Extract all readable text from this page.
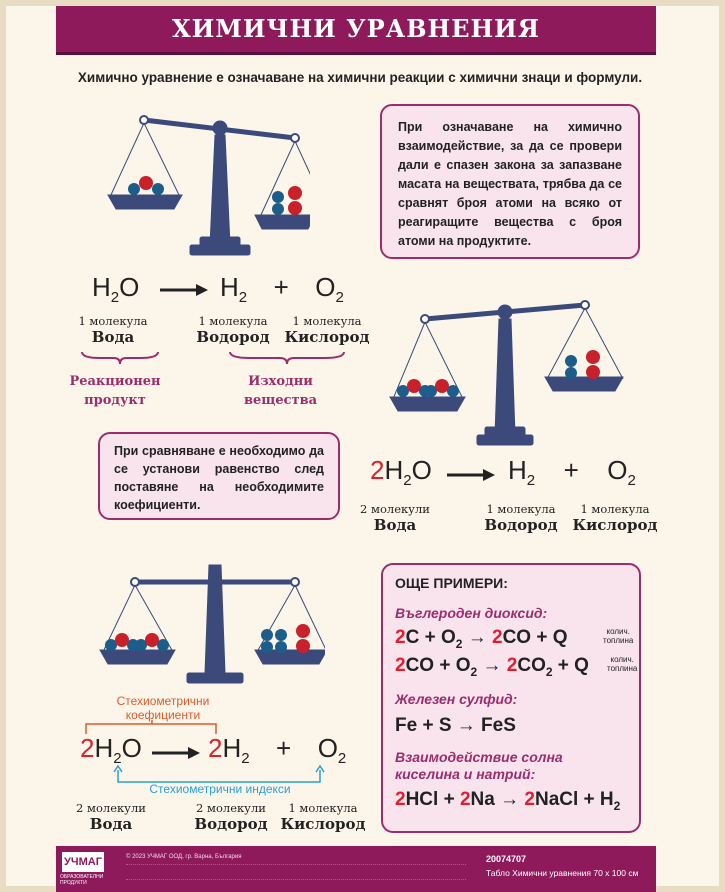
ХИМИЧНИ УРАВНЕНИЯ
Химично уравнение е означаване на химични реакции с химични знаци и формули.

При означаване на химично взаимодействие, за да се провери дали е спазен закона за запазване масата на веществата, трябва да се сравнят броя атоми на всяко от реагиращите вещества с броя атоми на продуктите.

$H_2O$	$H_2 + O_2$
1 молекула
Вода
1 молекула
Водород
1 молекула
Кислород
Реакционен продукт
Изходни вещества

При сравняване е необходимо да се установи равенство след поставяне на необходимите коефициенти.

$2H_2O$	$H_2 + O_2$
2 молекули
Вода
1 молекула
Водород
1 молекула
Кислород
Стехиометрични коефициенти
$2H_2O$	$2H_2 + O_2$
Стехиометрични индекси
2 молекули
Вода
2 молекули
Водород
1 молекула
Кислород
ОЩЕ ПРИМЕРИ:
Въглероден диоксид:
$2C + O_2 \to 2CO + Q$	колич.
топлина
$2CO + O_2 \to 2CO_2 + Q$	колич.
топлина
Железен сулфид:
Fe + S → FeS
Взаимодействие солна киселина и натрий:
2HCl + 2Na → 2NaCl + $H_2$
УЧМАГ
ОБРАЗОВАТЕЛНИ ПРОДУКТИ
© 2023 УЧМАГ ООД, гр. Варна, България	20074707
Табло Химични уравнения 70 х 100 см
